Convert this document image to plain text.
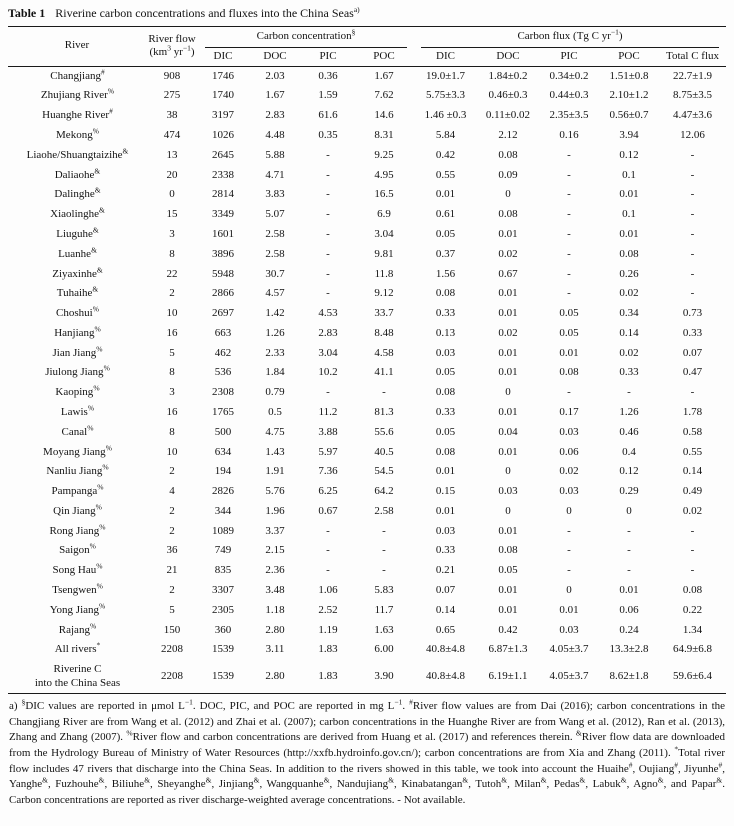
Table 1 Riverine carbon concentrations and fluxes into the China Seas$^{a)}$

River	River flow
($km^3$ $yr^{-1}$)	Carbon concentration§				Carbon flux (Tg C $yr^{-1}$)				
		DIC	DOC	PIC	POC	DIC	DOC	PIC	POC	Total C flux
Changjiang#	908	1746	2.03	0.36	1.67	19.0±1.7	1.84±0.2	0.34±0.2	1.51±0.8	22.7±1.9
Zhujiang River%	275	1740	1.67	1.59	7.62	5.75±3.3	0.46±0.3	0.44±0.3	2.10±1.2	8.75±3.5
Huanghe River#	38	3197	2.83	61.6	14.6	1.46 ±0.3	0.11±0.02	2.35±3.5	0.56±0.7	4.47±3.6
Mekong%	474	1026	4.48	0.35	8.31	5.84	2.12	0.16	3.94	12.06
Liaohe/Shuangtaizihe&	13	2645	5.88	-	9.25	0.42	0.08	-	0.12	-
Daliaohe&	20	2338	4.71	-	4.95	0.55	0.09	-	0.1	-
Dalinghe&	0	2814	3.83	-	16.5	0.01	0	-	0.01	-
Xiaolinghe&	15	3349	5.07	-	6.9	0.61	0.08	-	0.1	-
Liuguhe&	3	1601	2.58	-	3.04	0.05	0.01	-	0.01	-
Luanhe&	8	3896	2.58	-	9.81	0.37	0.02	-	0.08	-
Ziyaxinhe&	22	5948	30.7	-	11.8	1.56	0.67	-	0.26	-
Tuhaihe&	2	2866	4.57	-	9.12	0.08	0.01	-	0.02	-
Choshui%	10	2697	1.42	4.53	33.7	0.33	0.01	0.05	0.34	0.73
Hanjiang%	16	663	1.26	2.83	8.48	0.13	0.02	0.05	0.14	0.33
Jian Jiang%	5	462	2.33	3.04	4.58	0.03	0.01	0.01	0.02	0.07
Jiulong Jiang%	8	536	1.84	10.2	41.1	0.05	0.01	0.08	0.33	0.47
Kaoping%	3	2308	0.79	-	-	0.08	0	-	-	-
Lawis%	16	1765	0.5	11.2	81.3	0.33	0.01	0.17	1.26	1.78
Canal%	8	500	4.75	3.88	55.6	0.05	0.04	0.03	0.46	0.58
Moyang Jiang%	10	634	1.43	5.97	40.5	0.08	0.01	0.06	0.4	0.55
Nanliu Jiang%	2	194	1.91	7.36	54.5	0.01	0	0.02	0.12	0.14
Pampanga%	4	2826	5.76	6.25	64.2	0.15	0.03	0.03	0.29	0.49
Qin Jiang%	2	344	1.96	0.67	2.58	0.01	0	0	0	0.02
Rong Jiang%	2	1089	3.37	-	-	0.03	0.01	-	-	-
Saigon%	36	749	2.15	-	-	0.33	0.08	-	-	-
Song Hau%	21	835	2.36	-	-	0.21	0.05	-	-	-
Tsengwen%	2	3307	3.48	1.06	5.83	0.07	0.01	0	0.01	0.08
Yong Jiang%	5	2305	1.18	2.52	11.7	0.14	0.01	0.01	0.06	0.22
Rajang%	150	360	2.80	1.19	1.63	0.65	0.42	0.03	0.24	1.34
All rivers*	2208	1539	3.11	1.83	6.00	40.8±4.8	6.87±1.3	4.05±3.7	13.3±2.8	64.9±6.8
Riverine C
into the China Seas	2208	1539	2.80	1.83	3.90	40.8±4.8	6.19±1.1	4.05±3.7	8.62±1.8	59.6±6.4

a) §DIC values are reported in μmol $L^{-1}$. DOC, PIC, and POC are reported in mg $L^{-1}$. #River flow values are from Dai (2016); carbon concentrations in the Changjiang River are from Wang et al. (2012) and Zhai et al. (2007); carbon concentrations in the Huanghe River are from Wang et al. (2012), Ran et al. (2013), Zhang and Zhang (2007). %River flow and carbon concentrations are derived from Huang et al. (2017) and references therein. &River flow data are downloaded from the Hydrology Bureau of Ministry of Water Resources (http://xxfb.hydroinfo.gov.cn/); carbon concentrations are from Xia and Zhang (2011). *Total river flow includes 47 rivers that discharge into the China Seas. In addition to the rivers showed in this table, we took into account the Huaihe#, Oujiang#, Jiyunhe#, Yanghe&, Fuzhouhe&, Biliuhe&, Sheyanghe&, Jinjiang&, Wangquanhe&, Nandujiang&, Kinabatangan&, Tutoh&, Milan&, Pedas&, Labuk&, Agno&, and Papar&. Carbon concentrations are reported as river discharge-weighted average concentrations. - Not available.
